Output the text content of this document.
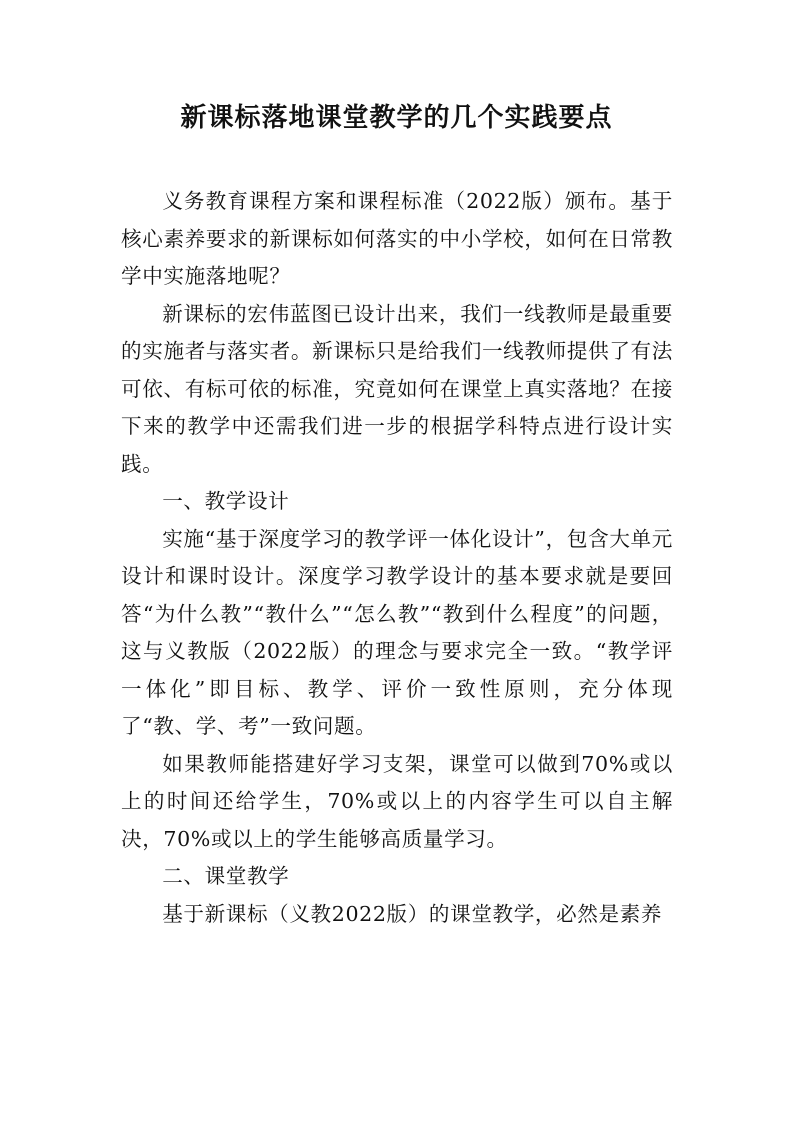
新课标落地课堂教学的几个实践要点

义务教育课程方案和课程标准（2022版）颁布。基于核心素养要求的新课标如何落实的中小学校，如何在日常教学中实施落地呢？

新课标的宏伟蓝图已设计出来，我们一线教师是最重要的实施者与落实者。新课标只是给我们一线教师提供了有法可依、有标可依的标准，究竟如何在课堂上真实落地？在接下来的教学中还需我们进一步的根据学科特点进行设计实践。

一、教学设计

实施“基于深度学习的教学评一体化设计”，包含大单元设计和课时设计。深度学习教学设计的基本要求就是要回答“为什么教”“教什么”“怎么教”“教到什么程度”的问题，这与义教版（2022版）的理念与要求完全一致。“教学评一体化”即目标、教学、评价一致性原则，充分体现了“教、学、考”一致问题。

如果教师能搭建好学习支架，课堂可以做到70%或以上的时间还给学生，70%或以上的内容学生可以自主解决，70%或以上的学生能够高质量学习。

二、课堂教学

基于新课标（义教2022版）的课堂教学，必然是素养
